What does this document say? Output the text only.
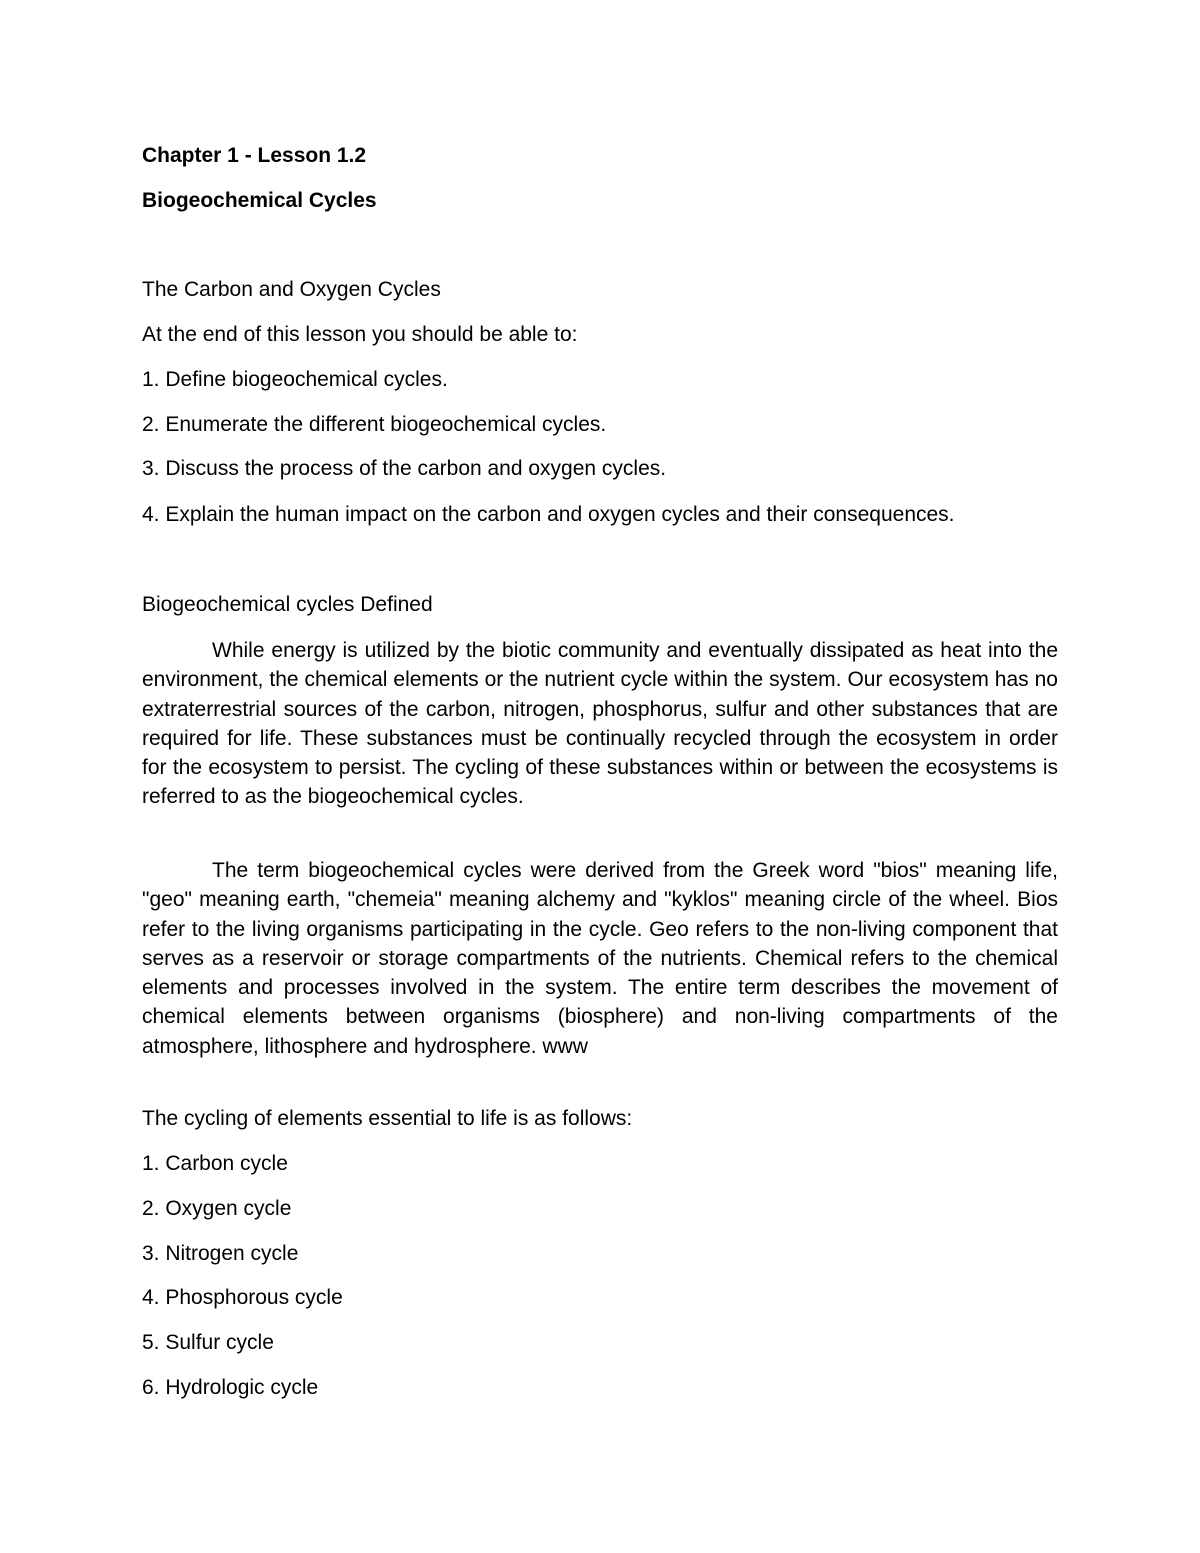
Chapter 1 - Lesson 1.2

Biogeochemical Cycles

The Carbon and Oxygen Cycles

At the end of this lesson you should be able to:

1. Define biogeochemical cycles.

2. Enumerate the different biogeochemical cycles.

3. Discuss the process of the carbon and oxygen cycles.

4. Explain the human impact on the carbon and oxygen cycles and their consequences.

Biogeochemical cycles Defined

While energy is utilized by the biotic community and eventually dissipated as heat into the environment, the chemical elements or the nutrient cycle within the system. Our ecosystem has no extraterrestrial sources of the carbon, nitrogen, phosphorus, sulfur and other substances that are required for life. These substances must be continually recycled through the ecosystem in order for the ecosystem to persist. The cycling of these substances within or between the ecosystems is referred to as the biogeochemical cycles.

The term biogeochemical cycles were derived from the Greek word "bios" meaning life, "geo" meaning earth, "chemeia" meaning alchemy and "kyklos" meaning circle of the wheel. Bios refer to the living organisms participating in the cycle. Geo refers to the non-living component that serves as a reservoir or storage compartments of the nutrients. Chemical refers to the chemical elements and processes involved in the system. The entire term describes the movement of chemical elements between organisms (biosphere) and non-living compartments of the atmosphere, lithosphere and hydrosphere. www

The cycling of elements essential to life is as follows:

1. Carbon cycle

2. Oxygen cycle

3. Nitrogen cycle

4. Phosphorous cycle

5. Sulfur cycle

6. Hydrologic cycle
